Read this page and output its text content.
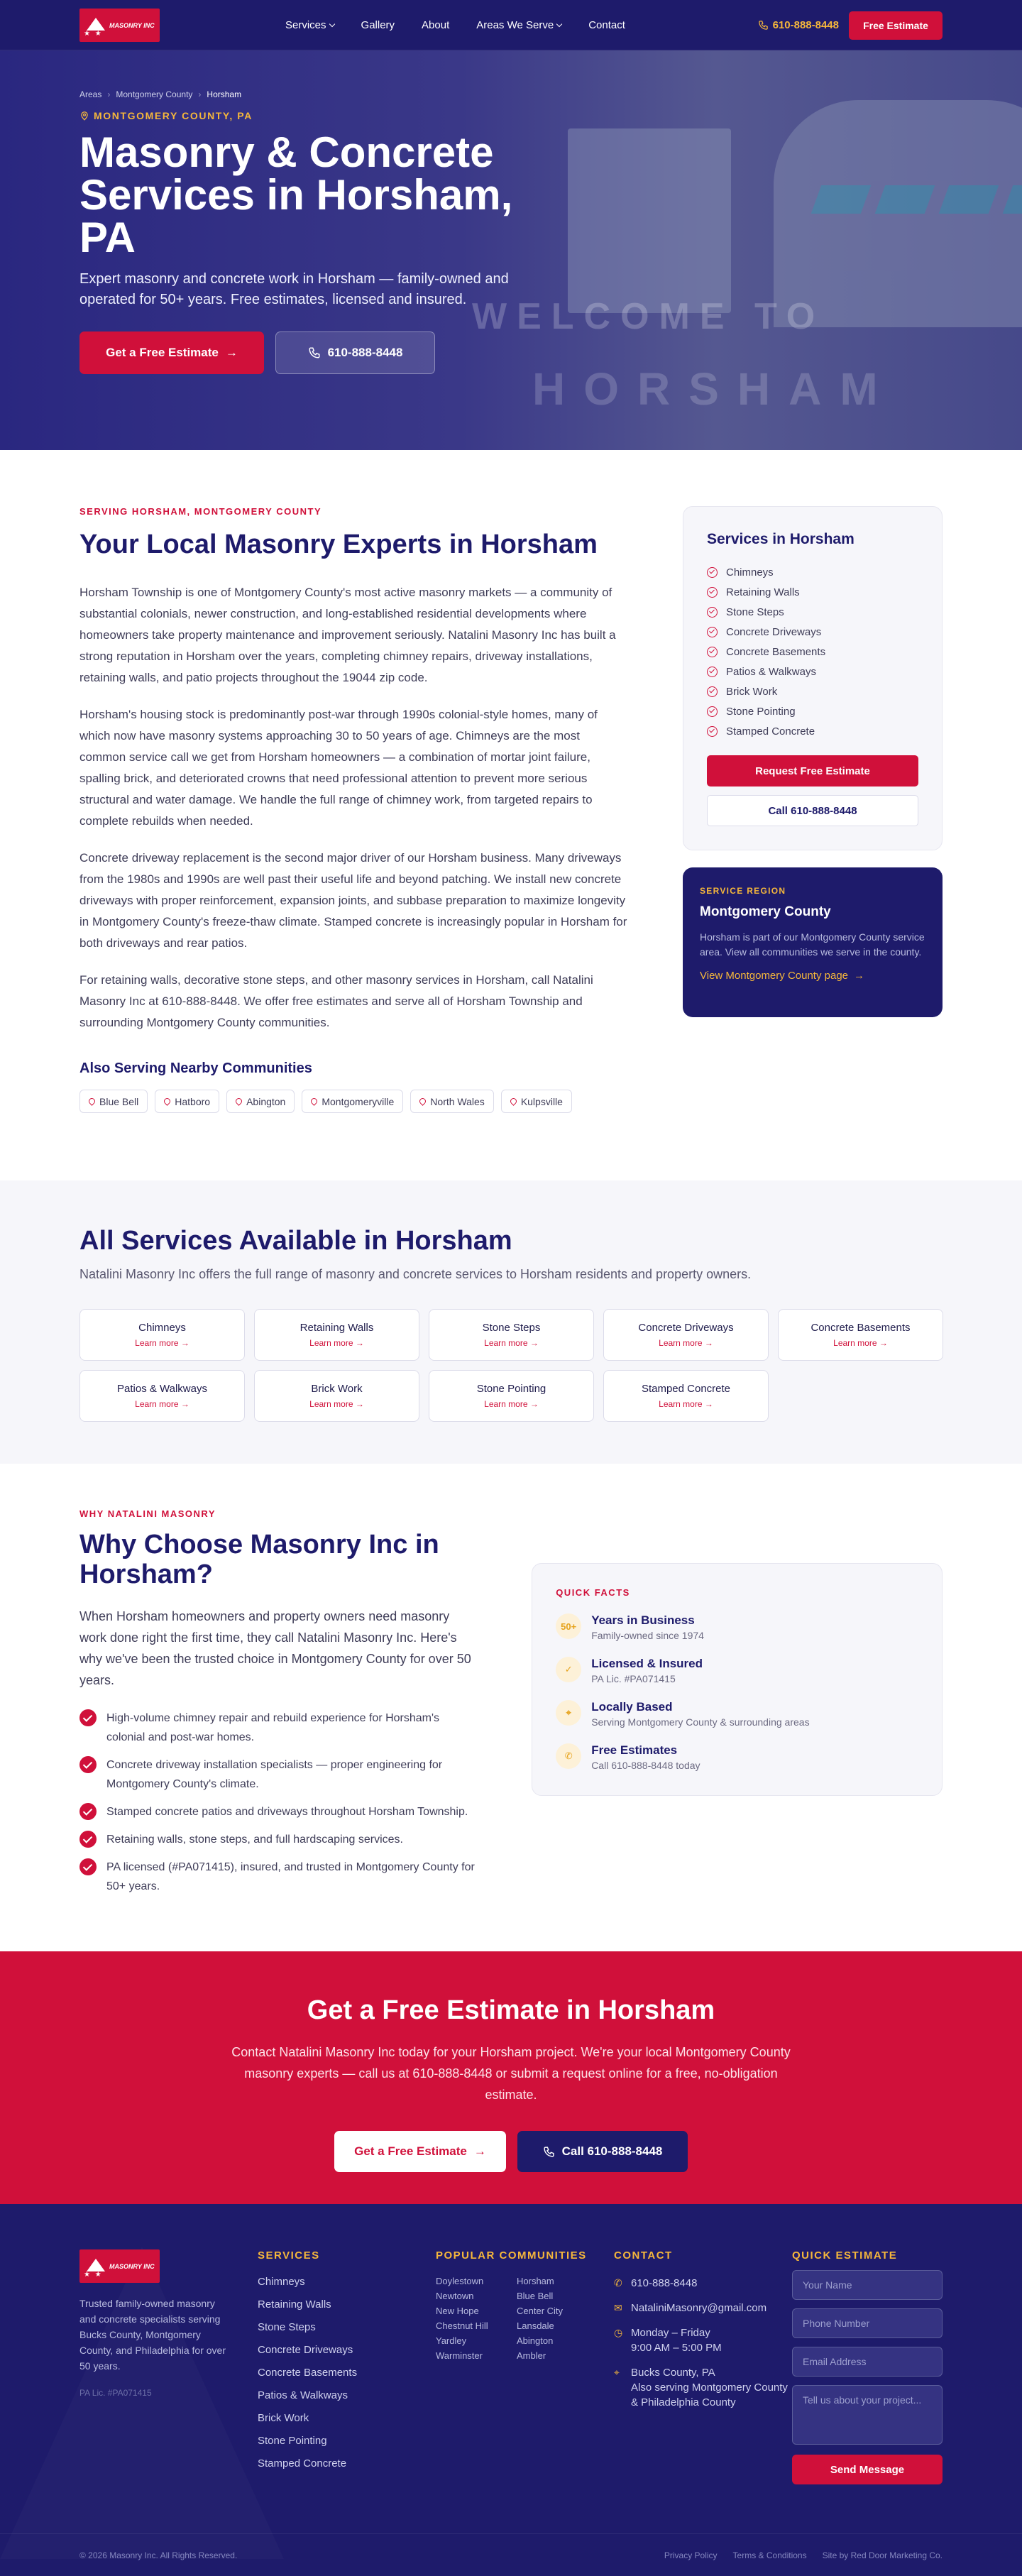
★ ★
MASONRY INC	Services	Gallery	About	Areas We Serve	Contact	610-888-8448	Free Estimate
WELCOME TO
HORSHAM
Areas › Montgomery County › Horsham
MONTGOMERY COUNTY, PA
Masonry & Concrete Services in Horsham, PA

Expert masonry and concrete work in Horsham — family-owned and operated for 50+ years. Free estimates, licensed and insured.

Get a Free Estimate →	610-888-8448
SERVING HORSHAM, MONTGOMERY COUNTY
Your Local Masonry Experts in Horsham

Horsham Township is one of Montgomery County's most active masonry markets — a community of substantial colonials, newer construction, and long-established residential developments where homeowners take property maintenance and improvement seriously. Natalini Masonry Inc has built a strong reputation in Horsham over the years, completing chimney repairs, driveway installations, retaining walls, and patio projects throughout the 19044 zip code.

Horsham's housing stock is predominantly post-war through 1990s colonial-style homes, many of which now have masonry systems approaching 30 to 50 years of age. Chimneys are the most common service call we get from Horsham homeowners — a combination of mortar joint failure, spalling brick, and deteriorated crowns that need professional attention to prevent more serious structural and water damage. We handle the full range of chimney work, from targeted repairs to complete rebuilds when needed.

Concrete driveway replacement is the second major driver of our Horsham business. Many driveways from the 1980s and 1990s are well past their useful life and beyond patching. We install new concrete driveways with proper reinforcement, expansion joints, and subbase preparation to maximize longevity in Montgomery County's freeze-thaw climate. Stamped concrete is increasingly popular in Horsham for both driveways and rear patios.

For retaining walls, decorative stone steps, and other masonry services in Horsham, call Natalini Masonry Inc at 610-888-8448. We offer free estimates and serve all of Horsham Township and surrounding Montgomery County communities.

Also Serving Nearby Communities
Blue Bell	Hatboro	Abington	Montgomeryville	North Wales	Kulpsville
Services in Horsham
Chimneys
Retaining Walls
Stone Steps
Concrete Driveways
Concrete Basements
Patios & Walkways
Brick Work
Stone Pointing
Stamped Concrete
Request Free Estimate
Call 610-888-8448
SERVICE REGION
Montgomery County

Horsham is part of our Montgomery County service area. View all communities we serve in the county.

View Montgomery County page →
All Services Available in Horsham
Natalini Masonry Inc offers the full range of masonry and concrete services to Horsham residents and property owners.
Chimneys
Learn more →
Retaining Walls
Learn more →
Stone Steps
Learn more →
Concrete Driveways
Learn more →
Concrete Basements
Learn more →
Patios & Walkways
Learn more →
Brick Work
Learn more →
Stone Pointing
Learn more →
Stamped Concrete
Learn more →
WHY NATALINI MASONRY
Why Choose Masonry Inc in Horsham?

When Horsham homeowners and property owners need masonry work done right the first time, they call Natalini Masonry Inc. Here's why we've been the trusted choice in Montgomery County for over 50 years.

High-volume chimney repair and rebuild experience for Horsham's colonial and post-war homes.
Concrete driveway installation specialists — proper engineering for Montgomery County's climate.
Stamped concrete patios and driveways throughout Horsham Township.
Retaining walls, stone steps, and full hardscaping services.
PA licensed (#PA071415), insured, and trusted in Montgomery County for 50+ years.
QUICK FACTS
50+	Years in Business
Family-owned since 1974
✓	Licensed & Insured
PA Lic. #PA071415
⌖	Locally Based
Serving Montgomery County & surrounding areas
✆	Free Estimates
Call 610-888-8448 today
Get a Free Estimate in Horsham

Contact Natalini Masonry Inc today for your Horsham project. We're your local Montgomery County masonry experts — call us at 610-888-8448 or submit a request online for a free, no-obligation estimate.

Get a Free Estimate →	Call 610-888-8448
★ ★
MASONRY INC
Trusted family-owned masonry and concrete specialists serving Bucks County, Montgomery County, and Philadelphia for over 50 years.
PA Lic. #PA071415
SERVICES
Chimneys
Retaining Walls
Stone Steps
Concrete Driveways
Concrete Basements
Patios & Walkways
Brick Work
Stone Pointing
Stamped Concrete
POPULAR COMMUNITIES
Doylestown	Horsham
Newtown	Blue Bell
New Hope	Center City
Chestnut Hill	Lansdale
Yardley	Abington
Warminster	Ambler
CONTACT
✆ 610-888-8448
✉ NataliniMasonry@gmail.com
◷ Monday – Friday
9:00 AM – 5:00 PM
⌖	Bucks County, PA
Also serving Montgomery County
& Philadelphia County
QUICK ESTIMATE
Your Name
Phone Number
Email Address
Tell us about your project...
Send Message
© 2026 Masonry Inc. All Rights Reserved.	Privacy Policy Terms & Conditions Site by Red Door Marketing Co.
